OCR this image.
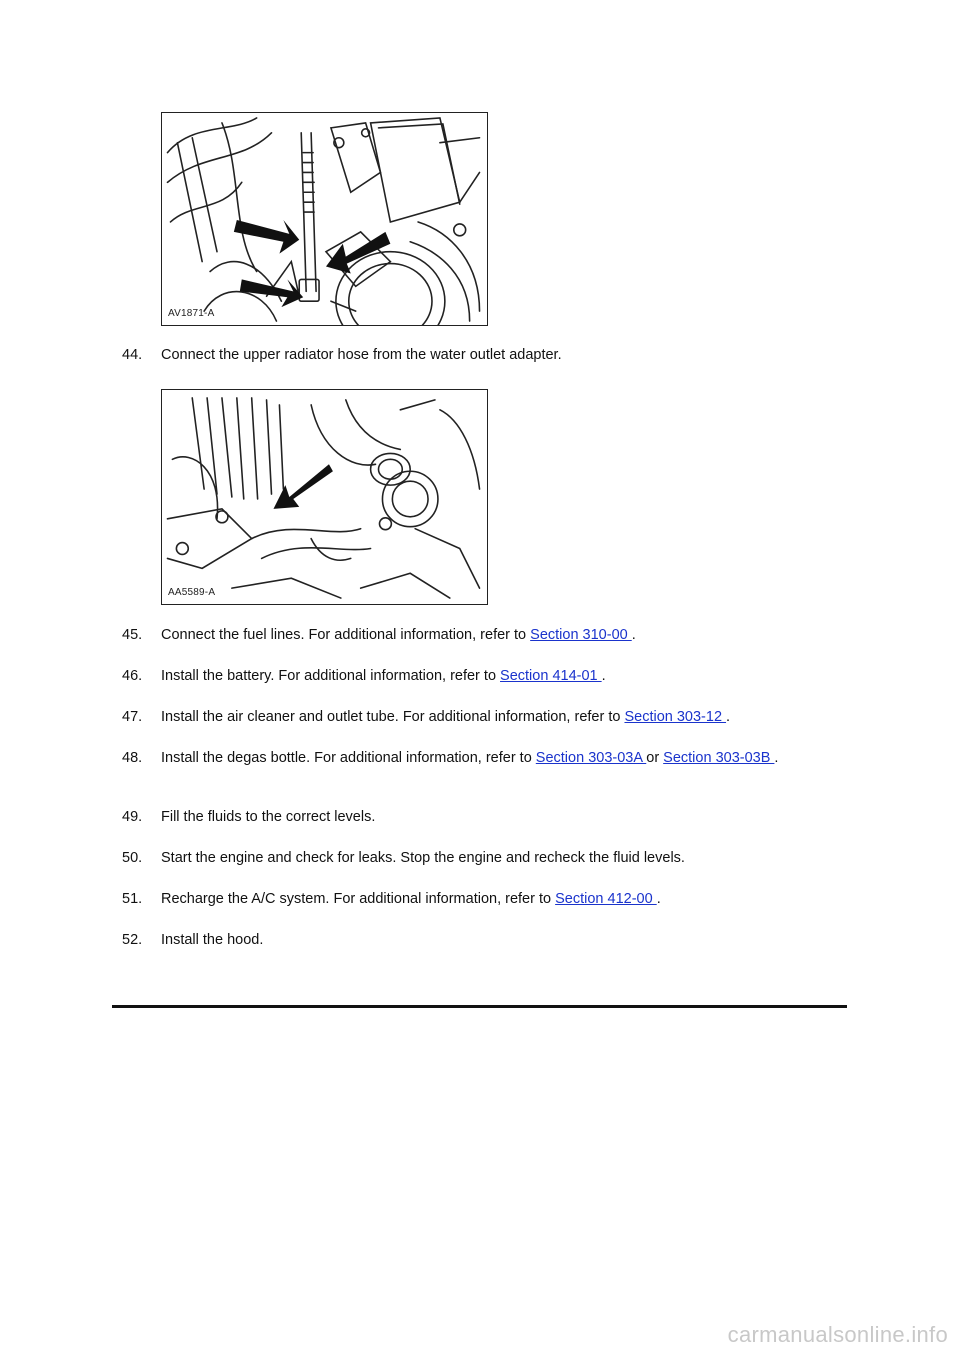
AV1871-A
44.	Connect the upper radiator hose from the water outlet adapter.
AA5589-A
45.	Connect the fuel lines. For additional information, refer to Section 310-00 .
46.	Install the battery. For additional information, refer to Section 414-01 .
47.	Install the air cleaner and outlet tube. For additional information, refer to Section 303-12 .
48.	Install the degas bottle. For additional information, refer to Section 303-03A or Section 303-03B .
49.	Fill the fluids to the correct levels.
50.	Start the engine and check for leaks. Stop the engine and recheck the fluid levels.
51.	Recharge the A/C system. For additional information, refer to Section 412-00 .
52.	Install the hood.
carmanualsonline.info
